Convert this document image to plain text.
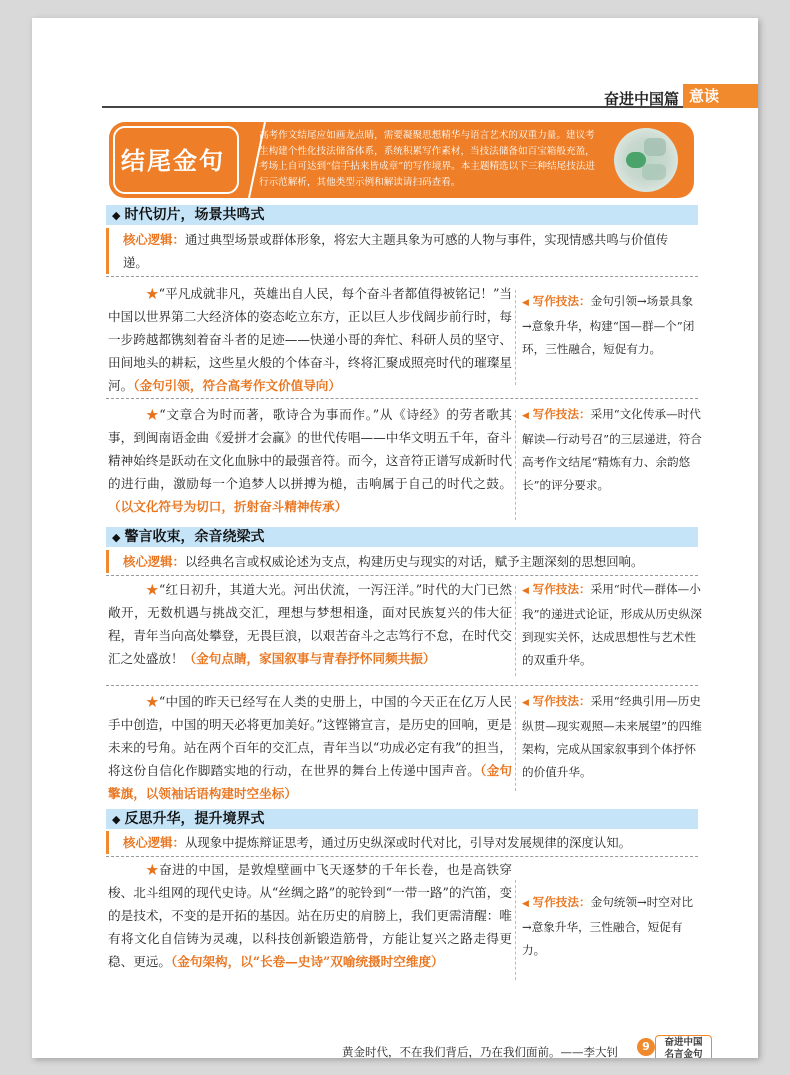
奋进中国篇 意读
结尾金句
高考作文结尾应如画龙点睛，需要凝聚思想精华与语言艺术的双重力量。建议考生构建个性化技法储备体系，系统积累写作素材，当技法储备如百宝箱般充盈，考场上自可达到“信手拈来皆成章”的写作境界。本主题精选以下三种结尾技法进行示范解析，其他类型示例和解读请扫码查看。
◆ 时代切片，场景共鸣式
核心逻辑：通过典型场景或群体形象，将宏大主题具象为可感的人物与事件，实现情感共鸣与价值传递。
★“平凡成就非凡，英雄出自人民，每个奋斗者都值得被铭记！”当中国以世界第二大经济体的姿态屹立东方，正以巨人步伐阔步前行时，每一步跨越都镌刻着奋斗者的足迹——快递小哥的奔忙、科研人员的坚守、田间地头的耕耘，这些星火般的个体奋斗，终将汇聚成照亮时代的璀璨星河。（金句引领，符合高考作文价值导向）
◀ 写作技法：金句引领→场景具象→意象升华，构建“国—群—个”闭环，三性融合，短促有力。
★“文章合为时而著，歌诗合为事而作。”从《诗经》的劳者歌其事，到闽南语金曲《爱拼才会赢》的世代传唱——中华文明五千年，奋斗精神始终是跃动在文化血脉中的最强音符。而今，这音符正谱写成新时代的进行曲，激励每一个追梦人以拼搏为槌，击响属于自己的时代之鼓。（以文化符号为切口，折射奋斗精神传承）
◀ 写作技法：采用“文化传承—时代解读—行动号召”的三层递进，符合高考作文结尾“精炼有力、余韵悠长”的评分要求。
◆ 警言收束，余音绕梁式
核心逻辑：以经典名言或权威论述为支点，构建历史与现实的对话，赋予主题深刻的思想回响。
★“红日初升，其道大光。河出伏流，一泻汪洋。”时代的大门已然敞开，无数机遇与挑战交汇，理想与梦想相逢，面对民族复兴的伟大征程，青年当向高处攀登，无畏巨浪，以艰苦奋斗之志笃行不怠，在时代交汇之处盛放！（金句点睛，家国叙事与青春抒怀同频共振）
◀ 写作技法：采用“时代—群体—小我”的递进式论证，形成从历史纵深到现实关怀，达成思想性与艺术性的双重升华。
★“中国的昨天已经写在人类的史册上，中国的今天正在亿万人民手中创造，中国的明天必将更加美好。”这铿锵宣言，是历史的回响，更是未来的号角。站在两个百年的交汇点，青年当以“功成必定有我”的担当，将这份自信化作脚踏实地的行动，在世界的舞台上传递中国声音。（金句擎旗，以领袖话语构建时空坐标）
◀ 写作技法：采用“经典引用—历史纵贯—现实观照—未来展望”的四维架构，完成从国家叙事到个体抒怀的价值升华。
◆ 反思升华，提升境界式
核心逻辑：从现象中提炼辩证思考，通过历史纵深或时代对比，引导对发展规律的深度认知。
★奋进的中国，是敦煌壁画中飞天逐梦的千年长卷，也是高铁穿梭、北斗组网的现代史诗。从“丝绸之路”的驼铃到“一带一路”的汽笛，变的是技术，不变的是开拓的基因。站在历史的肩膀上，我们更需清醒：唯有将文化自信铸为灵魂，以科技创新锻造筋骨，方能让复兴之路走得更稳、更远。（金句架构，以“长卷—史诗”双喻统摄时空维度）
◀ 写作技法：金句统领→时空对比→意象升华，三性融合，短促有力。
黄金时代，不在我们背后，乃在我们面前。——李大钊	9	奋进中国
名言金句
